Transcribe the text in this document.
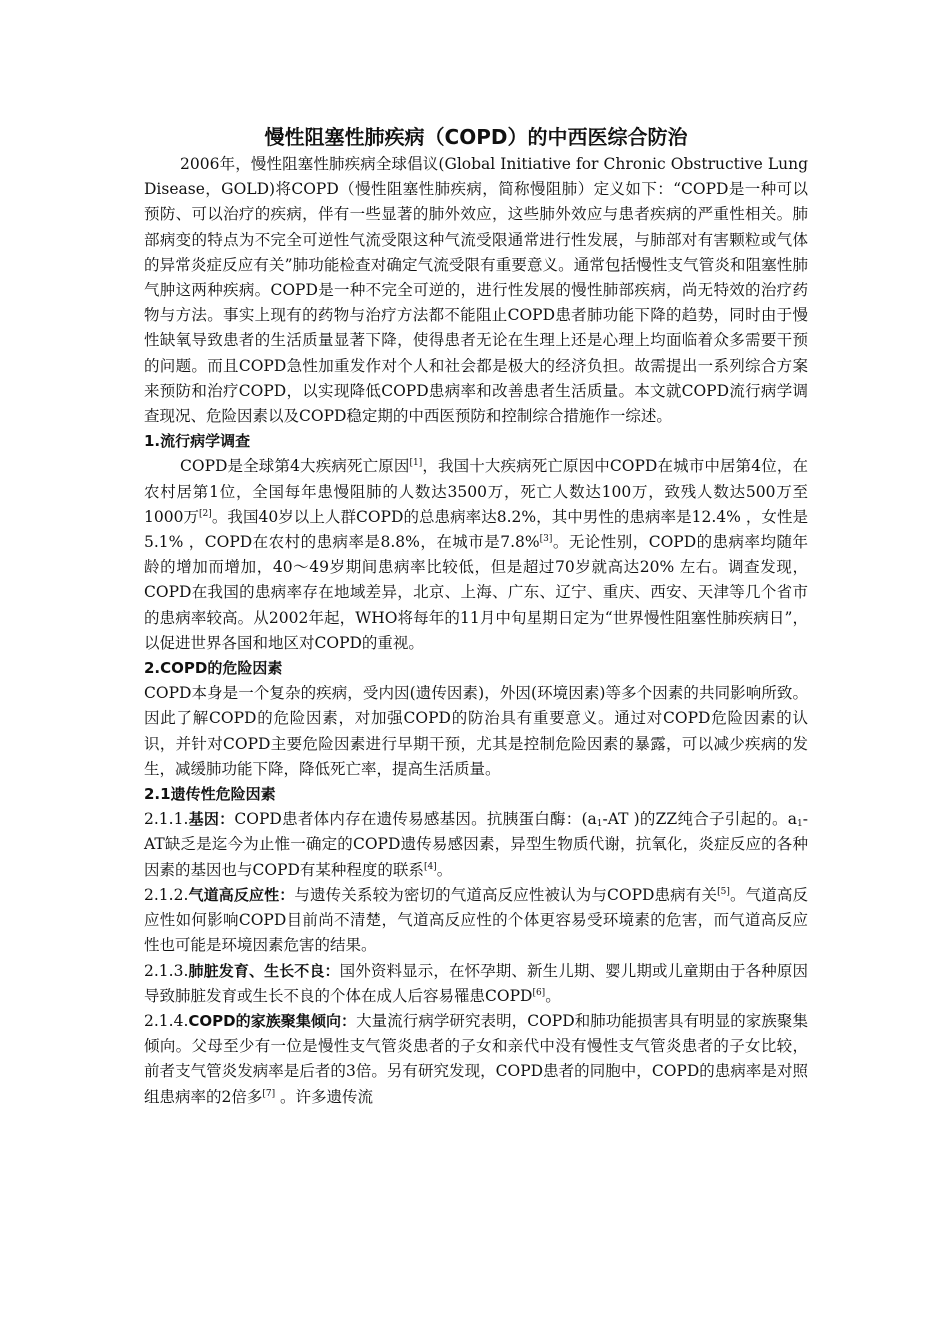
慢性阻塞性肺疾病（COPD）的中西医综合防治

2006年，慢性阻塞性肺疾病全球倡议(Global Initiative for Chronic Obstructive Lung Disease，GOLD)将COPD（慢性阻塞性肺疾病，简称慢阻肺）定义如下：“COPD是一种可以预防、可以治疗的疾病，伴有一些显著的肺外效应，这些肺外效应与患者疾病的严重性相关。肺部病变的特点为不完全可逆性气流受限这种气流受限通常进行性发展，与肺部对有害颗粒或气体的异常炎症反应有关”肺功能检查对确定气流受限有重要意义。通常包括慢性支气管炎和阻塞性肺气肿这两种疾病。COPD是一种不完全可逆的，进行性发展的慢性肺部疾病，尚无特效的治疗药物与方法。事实上现有的药物与治疗方法都不能阻止COPD患者肺功能下降的趋势，同时由于慢性缺氧导致患者的生活质量显著下降，使得患者无论在生理上还是心理上均面临着众多需要干预的问题。而且COPD急性加重发作对个人和社会都是极大的经济负担。故需提出一系列综合方案来预防和治疗COPD，以实现降低COPD患病率和改善患者生活质量。本文就COPD流行病学调查现况、危险因素以及COPD稳定期的中西医预防和控制综合措施作一综述。

1.流行病学调查

COPD是全球第4大疾病死亡原因[1]，我国十大疾病死亡原因中COPD在城市中居第4位，在农村居第1位，全国每年患慢阻肺的人数达3500万，死亡人数达100万，致残人数达500万至1000万[2]。我国40岁以上人群COPD的总患病率达8.2%，其中男性的患病率是12.4% ，女性是5.1% ，COPD在农村的患病率是8.8%，在城市是7.8%[3]。无论性别，COPD的患病率均随年龄的增加而增加，40～49岁期间患病率比较低，但是超过70岁就高达20% 左右。调查发现，COPD在我国的患病率存在地域差异，北京、上海、广东、辽宁、重庆、西安、天津等几个省市的患病率较高。从2002年起，WHO将每年的11月中旬星期日定为“世界慢性阻塞性肺疾病日”，以促进世界各国和地区对COPD的重视。

2.COPD的危险因素

COPD本身是一个复杂的疾病，受内因(遗传因素)，外因(环境因素)等多个因素的共同影响所致。因此了解COPD的危险因素，对加强COPD的防治具有重要意义。通过对COPD危险因素的认识，并针对COPD主要危险因素进行早期干预，尤其是控制危险因素的暴露，可以减少疾病的发生，减缓肺功能下降，降低死亡率，提高生活质量。

2.1遗传性危险因素

2.1.1.基因：COPD患者体内存在遗传易感基因。抗胰蛋白酶：($a_1-AT$ )的ZZ纯合子引起的。$a_1-AT$缺乏是迄今为止惟一确定的COPD遗传易感因素，异型生物质代谢，抗氧化，炎症反应的各种因素的基因也与COPD有某种程度的联系[4]。

2.1.2.气道高反应性：与遗传关系较为密切的气道高反应性被认为与COPD患病有关[5]。气道高反应性如何影响COPD目前尚不清楚，气道高反应性的个体更容易受环境素的危害，而气道高反应性也可能是环境因素危害的结果。

2.1.3.肺脏发育、生长不良：国外资料显示，在怀孕期、新生儿期、婴儿期或儿童期由于各种原因导致肺脏发育或生长不良的个体在成人后容易罹患COPD[6]。

2.1.4.COPD的家族聚集倾向：大量流行病学研究表明，COPD和肺功能损害具有明显的家族聚集倾向。父母至少有一位是慢性支气管炎患者的子女和亲代中没有慢性支气管炎患者的子女比较，前者支气管炎发病率是后者的3倍。另有研究发现，COPD患者的同胞中，COPD的患病率是对照组患病率的2倍多[7] 。许多遗传流
